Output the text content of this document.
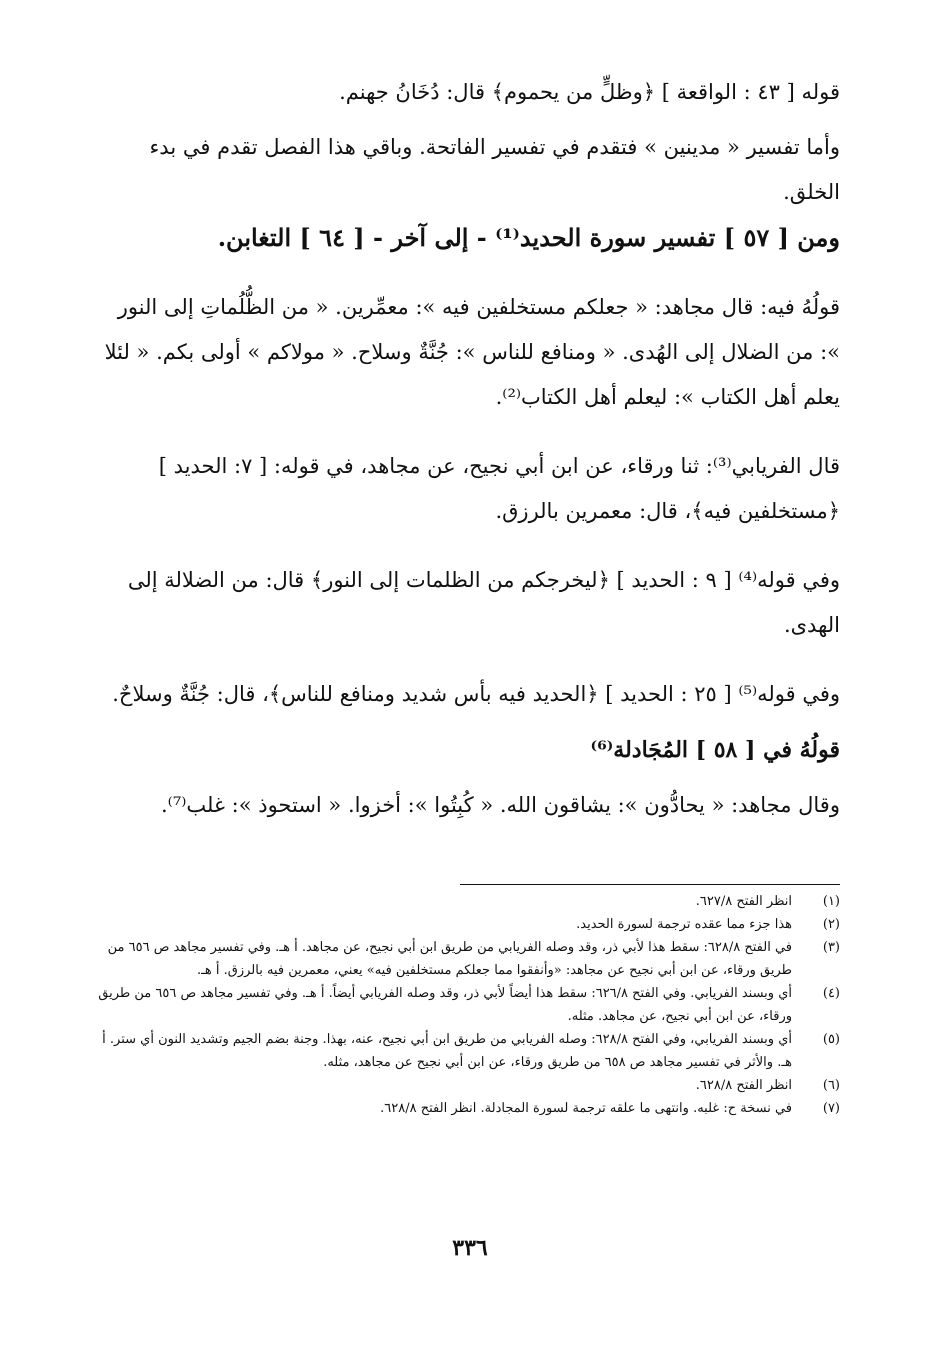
قوله [ ٤٣ : الواقعة ] ﴿وظلٍّ من يحموم﴾ قال: دُخَانُ جهنم.

وأما تفسير « مدينين » فتقدم في تفسير الفاتحة. وباقي هذا الفصل تقدم في بدء الخلق.

ومن [ ٥٧ ] تفسير سورة الحديد⁽¹⁾ - إلى آخر - [ ٦٤ ] التغابن.

قولُهُ فيه: قال مجاهد: « جعلكم مستخلفين فيه »: معمِّرين. « من الظُّلُماتِ إلى النور »: من الضلال إلى الهُدى. « ومنافع للناس »: جُنَّةٌ وسلاح. « مولاكم » أولى بكم. « لئلا يعلم أهل الكتاب »: ليعلم أهل الكتاب⁽²⁾.

قال الفريابي⁽³⁾: ثنا ورقاء، عن ابن أبي نجيح، عن مجاهد، في قوله: [ ٧: الحديد ] ﴿مستخلفين فيه﴾، قال: معمرين بالرزق.

وفي قوله⁽⁴⁾ [ ٩ : الحديد ] ﴿ليخرجكم من الظلمات إلى النور﴾ قال: من الضلالة إلى الهدى.

وفي قوله⁽⁵⁾ [ ٢٥ : الحديد ] ﴿الحديد فيه بأس شديد ومنافع للناس﴾، قال: جُنَّةٌ وسلاحٌ.

قولُهُ في [ ٥٨ ] المُجَادلة⁽⁶⁾

وقال مجاهد: « يحادُّون »: يشاقون الله. « كُبِتُوا »: أخزوا. « استحوذ »: غلب⁽⁷⁾.

(١)
انظر الفتح ٦٢٧/٨.
(٢)
هذا جزء مما عقده ترجمة لسورة الحديد.
(٣)
في الفتح ٦٢٨/٨: سقط هذا لأبي ذر، وقد وصله الفريابي من طريق ابن أبي نجيح، عن مجاهد. أ هـ. وفي تفسير مجاهد ص ٦٥٦ من طريق ورقاء، عن ابن أبي نجيح عن مجاهد: «وأنفقوا مما جعلكم مستخلفين فيه» يعني، معمرين فيه بالرزق. أ هـ.
(٤)
أي وبسند الفريابي. وفي الفتح ٦٢٦/٨: سقط هذا أيضاً لأبي ذر، وقد وصله الفريابي أيضاً. أ هـ. وفي تفسير مجاهد ص ٦٥٦ من طريق ورقاء، عن ابن أبي نجيح، عن مجاهد. مثله.
(٥)
أي وبسند الفريابي، وفي الفتح ٦٢٨/٨: وصله الفريابي من طريق ابن أبي نجيح، عنه، بهذا. وجنة بضم الجيم وتشديد النون أي ستر. أ هـ. والأثر في تفسير مجاهد ص ٦٥٨ من طريق ورقاء، عن ابن أبي نجيح عن مجاهد، مثله.
(٦)
انظر الفتح ٦٢٨/٨.
(٧)
في نسخة ح: غلبه. وانتهى ما علقه ترجمة لسورة المجادلة. انظر الفتح ٦٢٨/٨.
٣٣٦
